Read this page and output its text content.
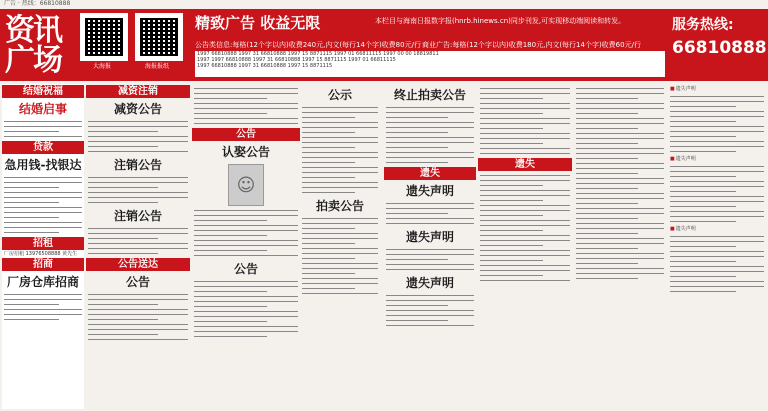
广告 · 热线：66810888
资讯
广场	大海报	海报报纸
精致广告 收益无限	本栏目与海南日报数字报(hnrb.hinews.cn)同步刊发,可实现移动端阅读和转发。
公告类信息:每格(12个字以内)收费240元,内文(每行14个字)收费80元/行 商业广告:每格(12个字以内)收费180元,内文(每行14个字)收费60元/行
1997 66810888 1997 31 66810888 1997 15 8871115 1997 01 66811115 1997 00 00 18819811
1997 1997 66810888 1997 31 66810888 1997 15 8871115 1997 01 66811115
1997 66810888 1997 31 66810888 1997 15 8871115
服务热线:
66810888
结婚祝福
结婚启事
贷款
急用钱-找银达
招租
厂房招租 13976508888 黄先生
招商
厂房仓库招商
减资注销
减资公告
注销公告
注销公告
公告送达
公告
公告
认娶公告
☺
公告
公示
拍卖公告
终止拍卖公告
遗失
遗失声明
遗失声明
遗失声明
遗失
■ 遗失声明
■ 遗失声明
■ 遗失声明
